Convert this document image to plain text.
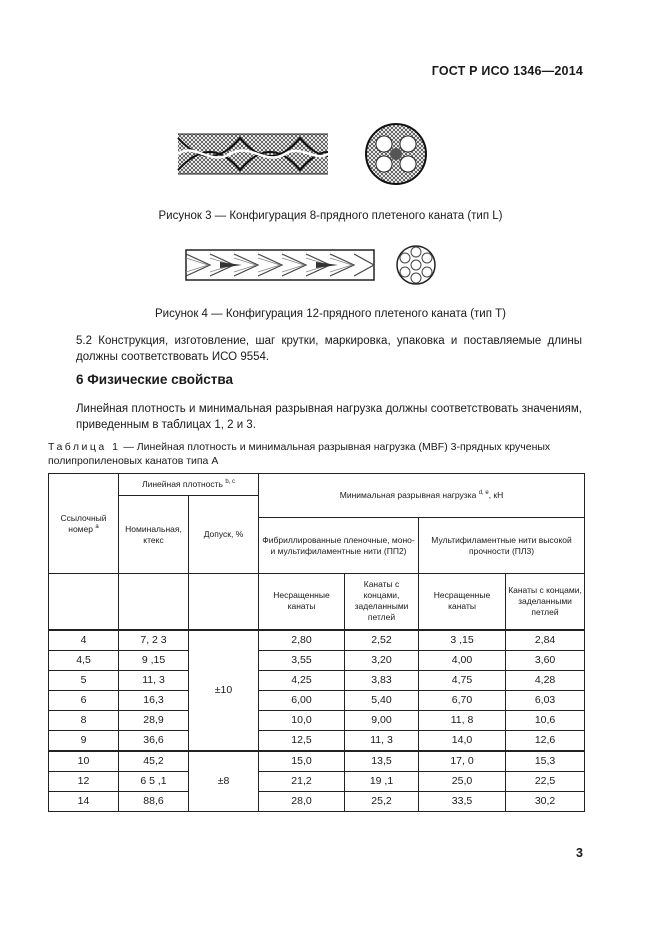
ГОСТ Р ИСО 1346—2014
Рисунок 3 — Конфигурация 8-прядного плетеного каната (тип L)
Рисунок 4 — Конфигурация 12-прядного плетеного каната (тип T)
5.2 Конструкция, изготовление, шаг крутки, маркировка, упаковка и поставляемые длины должны соответствовать ИСО 9554.
6 Физические свойства
Линейная плотность и минимальная разрывная нагрузка должны соответствовать значениям, приведенным в таблицах 1, 2 и 3.
Таблица 1 — Линейная плотность и минимальная разрывная нагрузка (MBF) 3-прядных крученых полипропиленовых канатов типа А
Ссылочный номер $^a$	Линейная плотность $^{b, c}$		Минимальная разрывная нагрузка $^{d, e}$, кН			
	Номинальная, ктекс	Допуск, %				
			Фибриллированные пленочные, моно- и мультифиламентные нити (ПП2)		Мультифиламентные нити высокой прочности (ПЛ3)	
			Несращенные канаты	Канаты с концами, заделанными петлей	Несращенные канаты	Канаты с концами, заделанными петлей
4	7, 2 3	±10	2,80	2,52	3 ,15	2,84
4,5	9 ,15		3,55	3,20	4,00	3,60
5	11, 3		4,25	3,83	4,75	4,28
6	16,3		6,00	5,40	6,70	6,03
8	28,9		10,0	9,00	11, 8	10,6
9	36,6		12,5	11, 3	14,0	12,6
10	45,2	±8	15,0	13,5	17, 0	15,3
12	6 5 ,1		21,2	19 ,1	25,0	22,5
14	88,6		28,0	25,2	33,5	30,2
3
